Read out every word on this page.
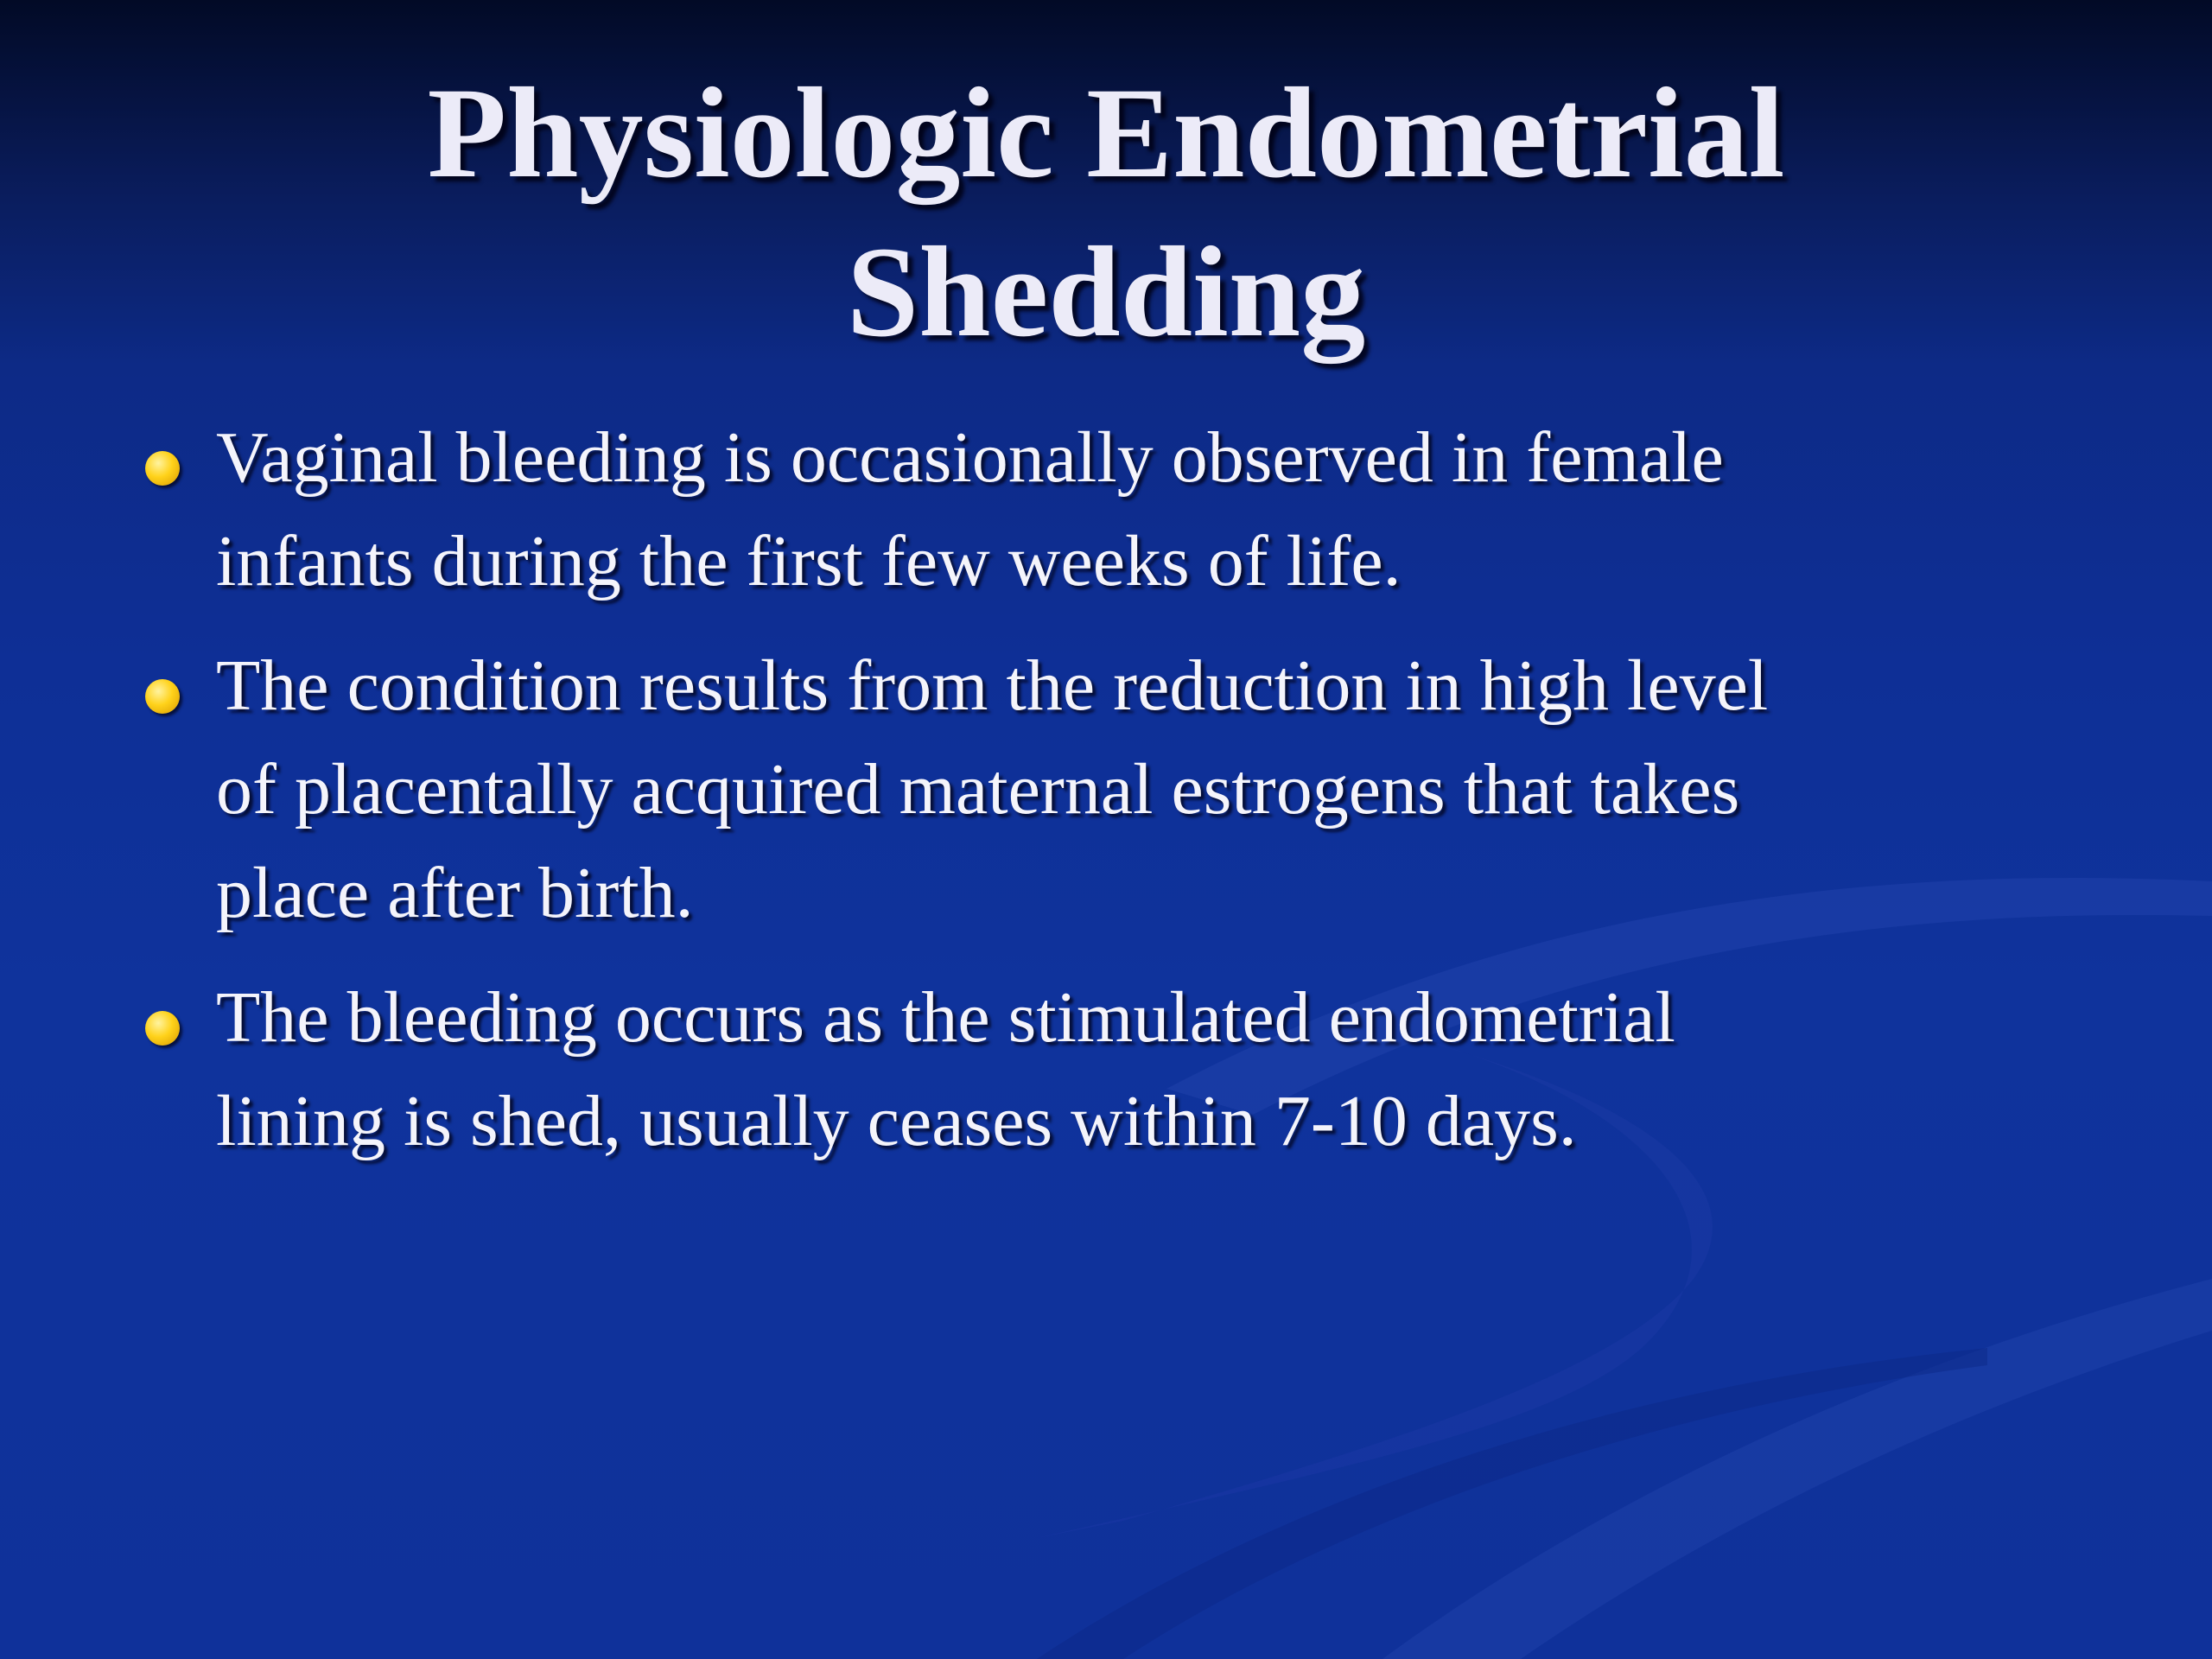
Physiologic Endometrial
Shedding
Vaginal bleeding is occasionally observed in female
infants during the first few weeks of life.
The condition results from the reduction in high level
of placentally acquired maternal estrogens that takes
place after birth.
The bleeding occurs as the stimulated endometrial
lining is shed, usually ceases within 7-10 days.
